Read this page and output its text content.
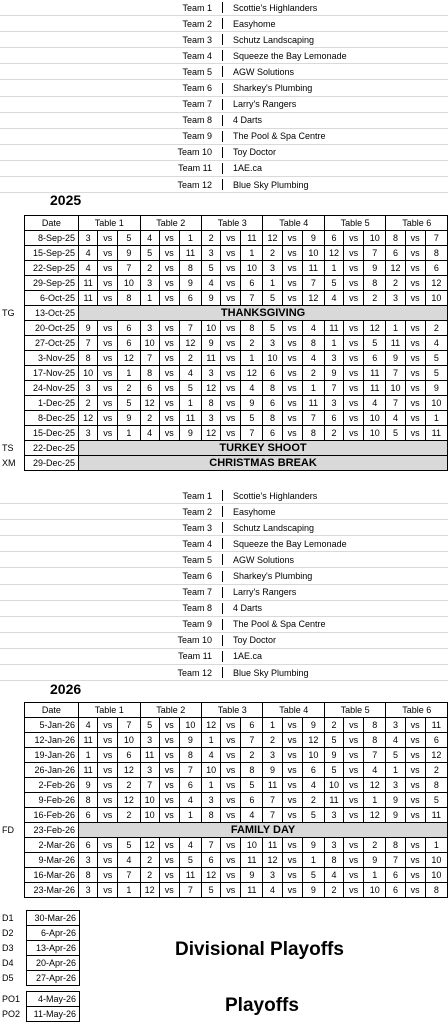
Team 1	Scottie's Highlanders
Team 2	Easyhome
Team 3	Schutz Landscaping
Team 4	Squeeze the Bay Lemonade
Team 5	AGW Solutions
Team 6	Sharkey's Plumbing
Team 7	Larry's Rangers
Team 8	4 Darts
Team 9	The Pool & Spa Centre
Team 10	Toy Doctor
Team 11	1AE.ca
Team 12	Blue Sky Plumbing
2025
	Date	Table 1			Table 2			Table 3			Table 4			Table 5			Table 6		
	8-Sep-25	3	vs	5	4	vs	1	2	vs	11	12	vs	9	6	vs	10	8	vs	7
	15-Sep-25	4	vs	9	5	vs	11	3	vs	1	2	vs	10	12	vs	7	6	vs	8
	22-Sep-25	4	vs	7	2	vs	8	5	vs	10	3	vs	11	1	vs	9	12	vs	6
	29-Sep-25	11	vs	10	3	vs	9	4	vs	6	1	vs	7	5	vs	8	2	vs	12
	6-Oct-25	11	vs	8	1	vs	6	9	vs	7	5	vs	12	4	vs	2	3	vs	10
TG	13-Oct-25	THANKSGIVING																	
	20-Oct-25	9	vs	6	3	vs	7	10	vs	8	5	vs	4	11	vs	12	1	vs	2
	27-Oct-25	7	vs	6	10	vs	12	9	vs	2	3	vs	8	1	vs	5	11	vs	4
	3-Nov-25	8	vs	12	7	vs	2	11	vs	1	10	vs	4	3	vs	6	9	vs	5
	17-Nov-25	10	vs	1	8	vs	4	3	vs	12	6	vs	2	9	vs	11	7	vs	5
	24-Nov-25	3	vs	2	6	vs	5	12	vs	4	8	vs	1	7	vs	11	10	vs	9
	1-Dec-25	2	vs	5	12	vs	1	8	vs	9	6	vs	11	3	vs	4	7	vs	10
	8-Dec-25	12	vs	9	2	vs	11	3	vs	5	8	vs	7	6	vs	10	4	vs	1
	15-Dec-25	3	vs	1	4	vs	9	12	vs	7	6	vs	8	2	vs	10	5	vs	11
TS	22-Dec-25	TURKEY SHOOT																	
XM	29-Dec-25	CHRISTMAS BREAK																	
Team 1	Scottie's Highlanders
Team 2	Easyhome
Team 3	Schutz Landscaping
Team 4	Squeeze the Bay Lemonade
Team 5	AGW Solutions
Team 6	Sharkey's Plumbing
Team 7	Larry's Rangers
Team 8	4 Darts
Team 9	The Pool & Spa Centre
Team 10	Toy Doctor
Team 11	1AE.ca
Team 12	Blue Sky Plumbing
2026
	Date	Table 1			Table 2			Table 3			Table 4			Table 5			Table 6		
	5-Jan-26	4	vs	7	5	vs	10	12	vs	6	1	vs	9	2	vs	8	3	vs	11
	12-Jan-26	11	vs	10	3	vs	9	1	vs	7	2	vs	12	5	vs	8	4	vs	6
	19-Jan-26	1	vs	6	11	vs	8	4	vs	2	3	vs	10	9	vs	7	5	vs	12
	26-Jan-26	11	vs	12	3	vs	7	10	vs	8	9	vs	6	5	vs	4	1	vs	2
	2-Feb-26	9	vs	2	7	vs	6	1	vs	5	11	vs	4	10	vs	12	3	vs	8
	9-Feb-26	8	vs	12	10	vs	4	3	vs	6	7	vs	2	11	vs	1	9	vs	5
	16-Feb-26	6	vs	2	10	vs	1	8	vs	4	7	vs	5	3	vs	12	9	vs	11
FD	23-Feb-26	FAMILY DAY																	
	2-Mar-26	6	vs	5	12	vs	4	7	vs	10	11	vs	9	3	vs	2	8	vs	1
	9-Mar-26	3	vs	4	2	vs	5	6	vs	11	12	vs	1	8	vs	9	7	vs	10
	16-Mar-26	8	vs	7	2	vs	11	12	vs	9	3	vs	5	4	vs	1	6	vs	10
	23-Mar-26	3	vs	1	12	vs	7	5	vs	11	4	vs	9	2	vs	10	6	vs	8
D1	30-Mar-26
D2	6-Apr-26
D3	13-Apr-26
D4	20-Apr-26
D5	27-Apr-26
Divisional Playoffs
PO1	4-May-26
PO2	11-May-26	Playoffs
